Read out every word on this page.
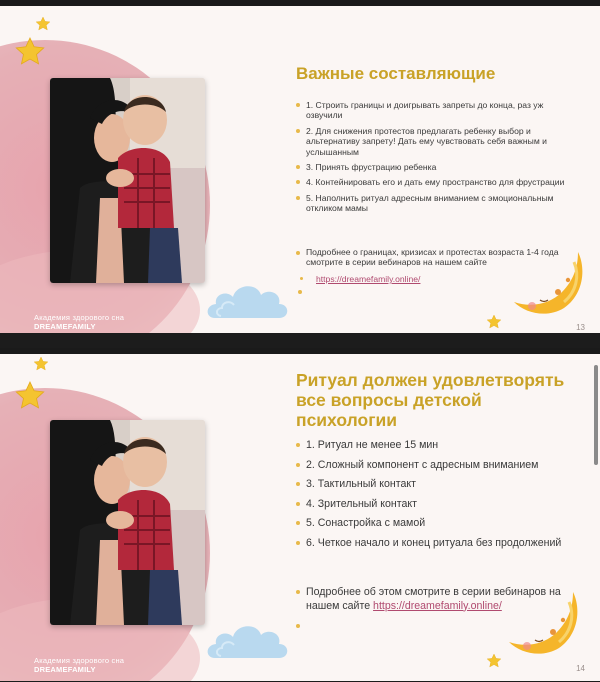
Академия здорового сна
DREAMEFAMILY
Важные составляющие
1. Строить границы и доигрывать запреты до конца, раз уж озвучили
2. Для снижения протестов предлагать ребенку выбор и альтернативу запрету! Дать ему чувствовать себя важным и услышанным
3. Принять фрустрацию ребенка
4. Контейнировать его и дать ему пространство для фрустрации
5. Наполнить ритуал адресным вниманием с эмоциональным откликом мамы
Подробнее о границах, кризисах и протестах возраста 1-4 года смотрите в серии вебинаров на нашем сайте
https://dreamefamily.online/
13
Академия здорового сна
DREAMEFAMILY
Ритуал должен удовлетворять все вопросы детской психологии
1. Ритуал не менее 15 мин
2. Сложный компонент с адресным вниманием
3. Тактильный контакт
4. Зрительный контакт
5. Сонастройка с мамой
6. Четкое начало и конец ритуала без продолжений
Подробнее об этом смотрите в серии вебинаров на нашем сайте https://dreamefamily.online/
14
